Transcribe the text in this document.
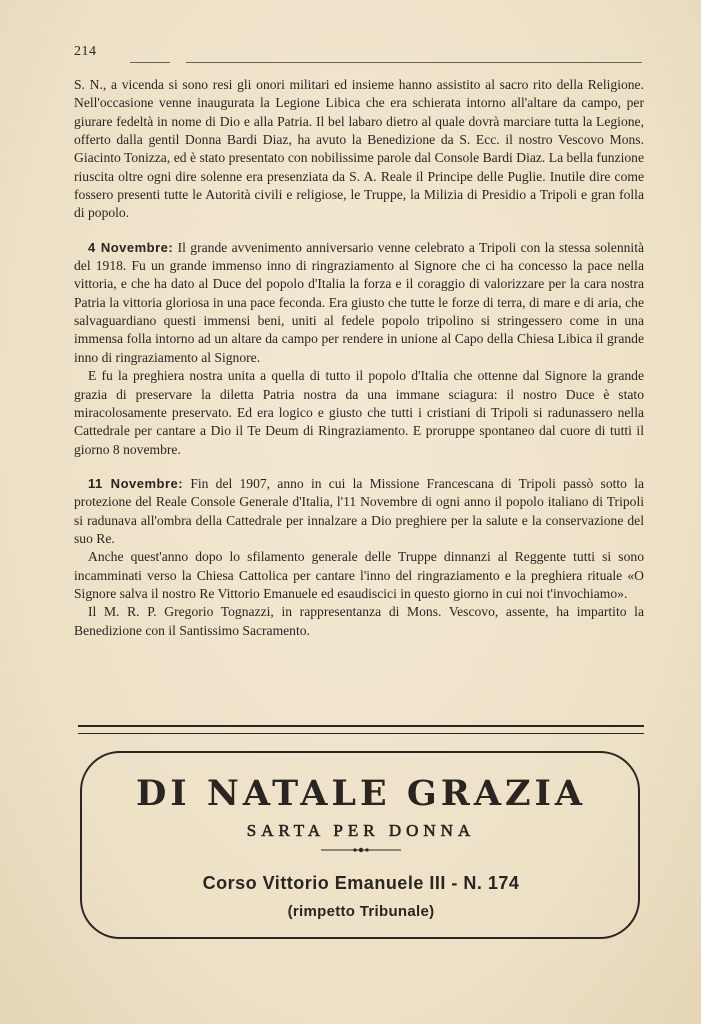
214

S. N., a vicenda si sono resi gli onori militari ed insieme hanno assistito al sacro rito della Religione. Nell'occasione venne inaugurata la Legione Libica che era schierata intorno all'altare da campo, per giurare fedeltà in nome di Dio e alla Patria. Il bel labaro dietro al quale dovrà marciare tutta la Legione, offerto dalla gentil Donna Bardi Diaz, ha avuto la Benedizione da S. Ecc. il nostro Vescovo Mons. Giacinto Tonizza, ed è stato presentato con nobilissime parole dal Console Bardi Diaz. La bella funzione riuscita oltre ogni dire solenne era presenziata da S. A. Reale il Principe delle Puglie. Inutile dire come fossero presenti tutte le Autorità civili e religiose, le Truppe, la Milizia di Presidio a Tripoli e gran folla di popolo.

4 Novembre: Il grande avvenimento anniversario venne celebrato a Tripoli con la stessa solennità del 1918. Fu un grande immenso inno di ringraziamento al Signore che ci ha concesso la pace nella vittoria, e che ha dato al Duce del popolo d'Italia la forza e il coraggio di valorizzare per la cara nostra Patria la vittoria gloriosa in una pace feconda. Era giusto che tutte le forze di terra, di mare e di aria, che salvaguardiano questi immensi beni, uniti al fedele popolo tripolino si stringessero come in una immensa folla intorno ad un altare da campo per rendere in unione al Capo della Chiesa Libica il grande inno di ringraziamento al Signore.

E fu la preghiera nostra unita a quella di tutto il popolo d'Italia che ottenne dal Signore la grande grazia di preservare la diletta Patria nostra da una immane sciagura: il nostro Duce è stato miracolosamente preservato. Ed era logico e giusto che tutti i cristiani di Tripoli si radunassero nella Cattedrale per cantare a Dio il Te Deum di Ringraziamento. E proruppe spontaneo dal cuore di tutti il giorno 8 novembre.

11 Novembre: Fin del 1907, anno in cui la Missione Francescana di Tripoli passò sotto la protezione del Reale Console Generale d'Italia, l'11 Novembre di ogni anno il popolo italiano di Tripoli si radunava all'ombra della Cattedrale per innalzare a Dio preghiere per la salute e la conservazione del suo Re.

Anche quest'anno dopo lo sfilamento generale delle Truppe dinnanzi al Reggente tutti si sono incamminati verso la Chiesa Cattolica per cantare l'inno del ringraziamento e la preghiera rituale «O Signore salva il nostro Re Vittorio Emanuele ed esaudiscici in questo giorno in cui noi t'invochiamo».

Il M. R. P. Gregorio Tognazzi, in rappresentanza di Mons. Vescovo, assente, ha impartito la Benedizione con il Santissimo Sacramento.

DI NATALE GRAZIA
SARTA PER DONNA
Corso Vittorio Emanuele III - N. 174
(rimpetto Tribunale)
